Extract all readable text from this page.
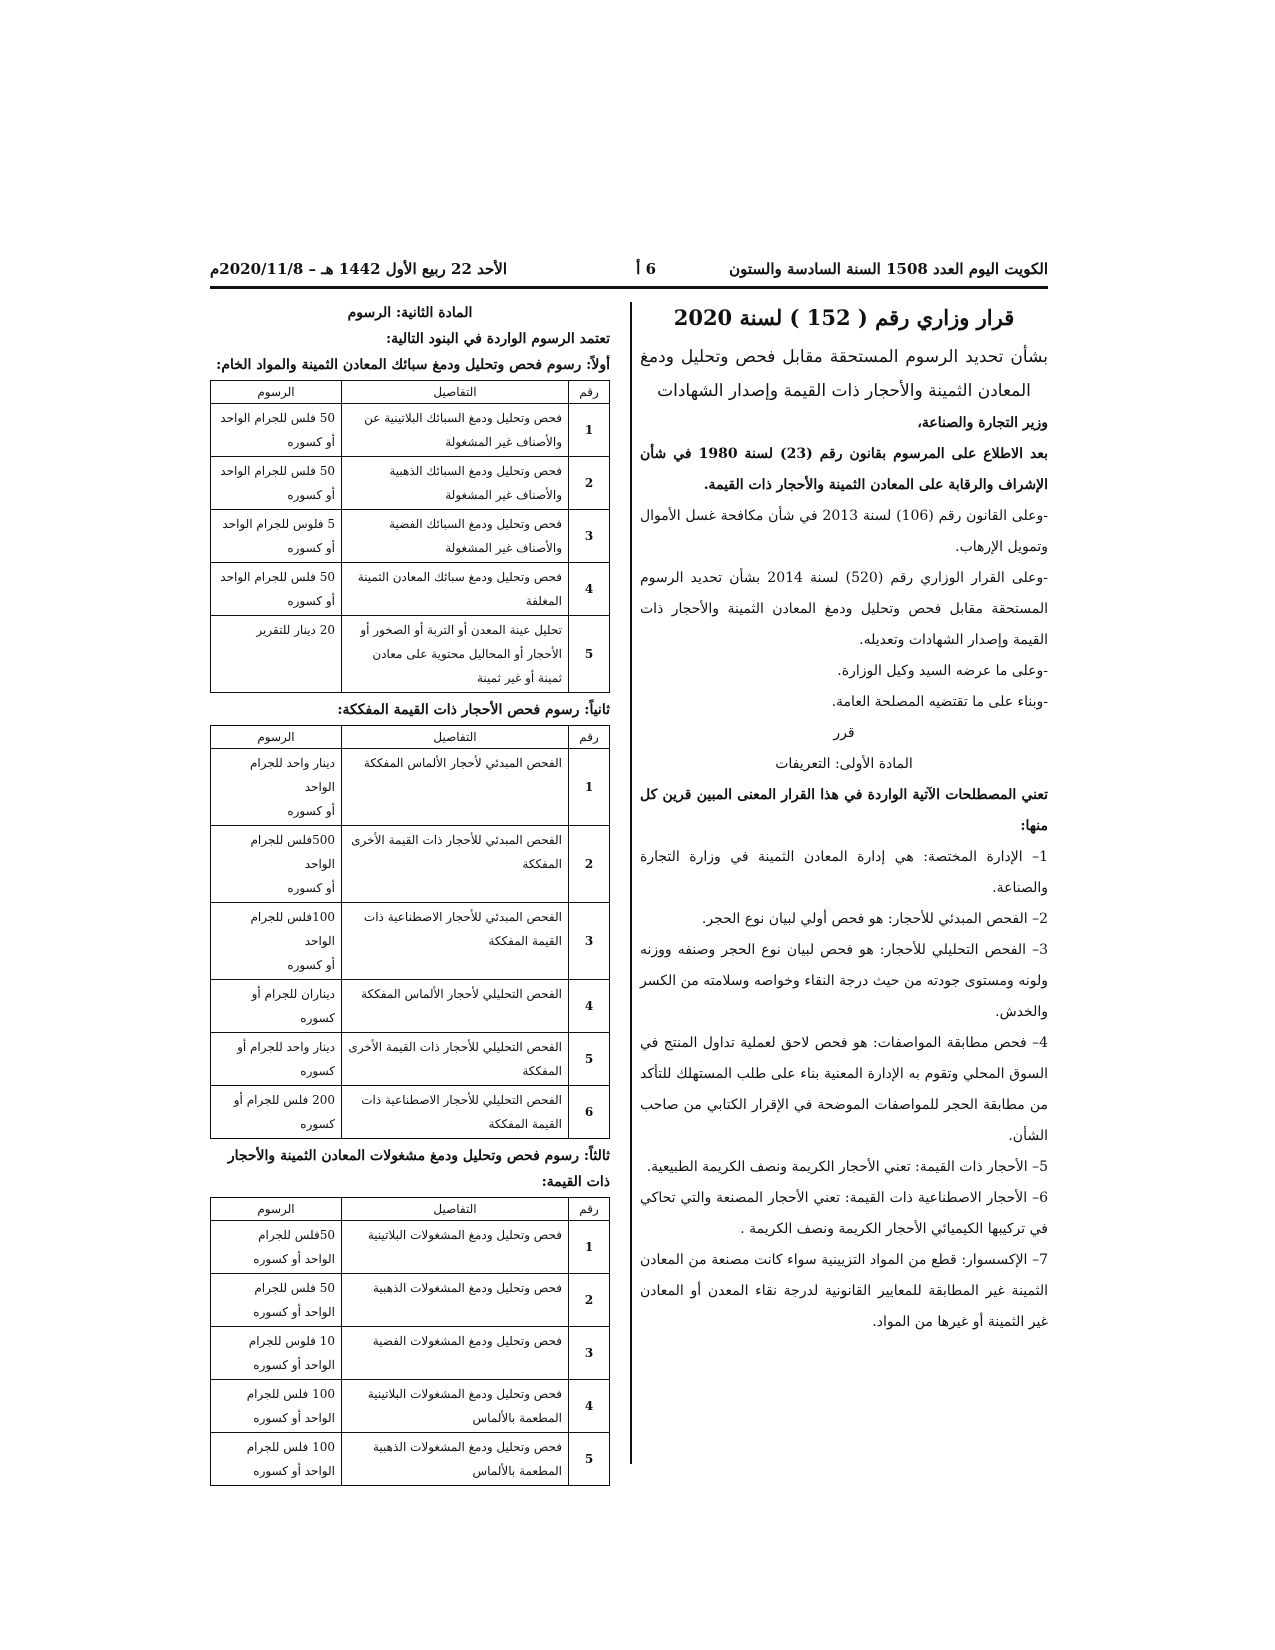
الكويت اليوم العدد 1508 السنة السادسة والستون
6 أ
الأحد 22 ربيع الأول 1442 هـ – 2020/11/8م

قرار وزاري رقم ( 152 ) لسنة 2020

بشأن تحديد الرسوم المستحقة مقابل فحص وتحليل ودمغ المعادن الثمينة والأحجار ذات القيمة وإصدار الشهادات

وزير التجارة والصناعة،

بعد الاطلاع على المرسوم بقانون رقم (23) لسنة 1980 في شأن الإشراف والرقابة على المعادن الثمينة والأحجار ذات القيمة.

-وعلى القانون رقم (106) لسنة 2013 في شأن مكافحة غسل الأموال وتمويل الإرهاب.

-وعلى القرار الوزاري رقم (520) لسنة 2014 بشأن تحديد الرسوم المستحقة مقابل فحص وتحليل ودمغ المعادن الثمينة والأحجار ذات القيمة وإصدار الشهادات وتعديله.

-وعلى ما عرضه السيد وكيل الوزارة.

-وبناء على ما تقتضيه المصلحة العامة.

قرر

المادة الأولى: التعريفات

تعني المصطلحات الآتية الواردة في هذا القرار المعنى المبين قرين كل منها:

1– الإدارة المختصة: هي إدارة المعادن الثمينة في وزارة التجارة والصناعة.

2– الفحص المبدئي للأحجار: هو فحص أولي لبيان نوع الحجر.

3– الفحص التحليلي للأحجار: هو فحص لبيان نوع الحجر وصنفه ووزنه ولونه ومستوى جودته من حيث درجة النقاء وخواصه وسلامته من الكسر والخدش.

4– فحص مطابقة المواصفات: هو فحص لاحق لعملية تداول المنتج في السوق المحلي وتقوم به الإدارة المعنية بناء على طلب المستهلك للتأكد من مطابقة الحجر للمواصفات الموضحة في الإقرار الكتابي من صاحب الشأن.

5– الأحجار ذات القيمة: تعني الأحجار الكريمة ونصف الكريمة الطبيعية.

6– الأحجار الاصطناعية ذات القيمة: تعني الأحجار المصنعة والتي تحاكي في تركيبها الكيميائي الأحجار الكريمة ونصف الكريمة .

7– الإكسسوار: قطع من المواد التزيينية سواء كانت مصنعة من المعادن الثمينة غير المطابقة للمعايير القانونية لدرجة نقاء المعدن أو المعادن غير الثمينة أو غيرها من المواد.

المادة الثانية: الرسوم

تعتمد الرسوم الواردة في البنود التالية:

أولاً: رسوم فحص وتحليل ودمغ سبائك المعادن الثمينة والمواد الخام:

رقم	التفاصيل	الرسوم
1	فحص وتحليل ودمغ السبائك البلاتينية عن والأصناف غير المشغولة	50 فلس للجرام الواحد
أو كسوره

2	فحص وتحليل ودمغ السبائك الذهبية والأصناف غير المشغولة	50 فلس للجرام الواحد
أو كسوره

3	فحص وتحليل ودمغ السبائك الفضية والأصناف غير المشغولة	5 فلوس للجرام الواحد
أو كسوره

4	فحص وتحليل ودمغ سبائك المعادن الثمينة المغلفة	50 فلس للجرام الواحد
أو كسوره

5	تحليل عينة المعدن أو التربة أو الصخور أو الأحجار أو المحاليل محتوية على معادن ثمينة أو غير ثمينة	20 دينار للتقرير

ثانياً: رسوم فحص الأحجار ذات القيمة المفككة:

رقم	التفاصيل	الرسوم
1	الفحص المبدئي لأحجار الألماس المفككة	دينار واحد للجرام الواحد
أو كسوره

2	الفحص المبدئي للأحجار ذات القيمة الأخرى المفككة	500فلس للجرام الواحد
أو كسوره

3	الفحص المبدئي للأحجار الاصطناعية ذات القيمة المفككة	100فلس للجرام الواحد
أو كسوره

4	الفحص التحليلي لأحجار الألماس المفككة	ديناران للجرام أو كسوره

5	الفحص التحليلي للأحجار ذات القيمة الأخرى المفككة	دينار واحد للجرام أو
كسوره

6	الفحص التحليلي للأحجار الاصطناعية ذات القيمة المفككة	200 فلس للجرام أو
كسوره

ثالثاً: رسوم فحص وتحليل ودمغ مشغولات المعادن الثمينة والأحجار ذات القيمة:

رقم	التفاصيل	الرسوم
1	فحص وتحليل ودمغ المشغولات البلاتينية	50فلس للجرام
الواحد أو كسوره

2	فحص وتحليل ودمغ المشغولات الذهبية	50 فلس للجرام
الواحد أو كسوره

3	فحص وتحليل ودمغ المشغولات الفضية	10 فلوس للجرام
الواحد أو كسوره

4	فحص وتحليل ودمغ المشغولات البلاتينية المطعمة بالألماس	100 فلس للجرام
الواحد أو كسوره

5	فحص وتحليل ودمغ المشغولات الذهبية المطعمة بالألماس	100 فلس للجرام
الواحد أو كسوره
